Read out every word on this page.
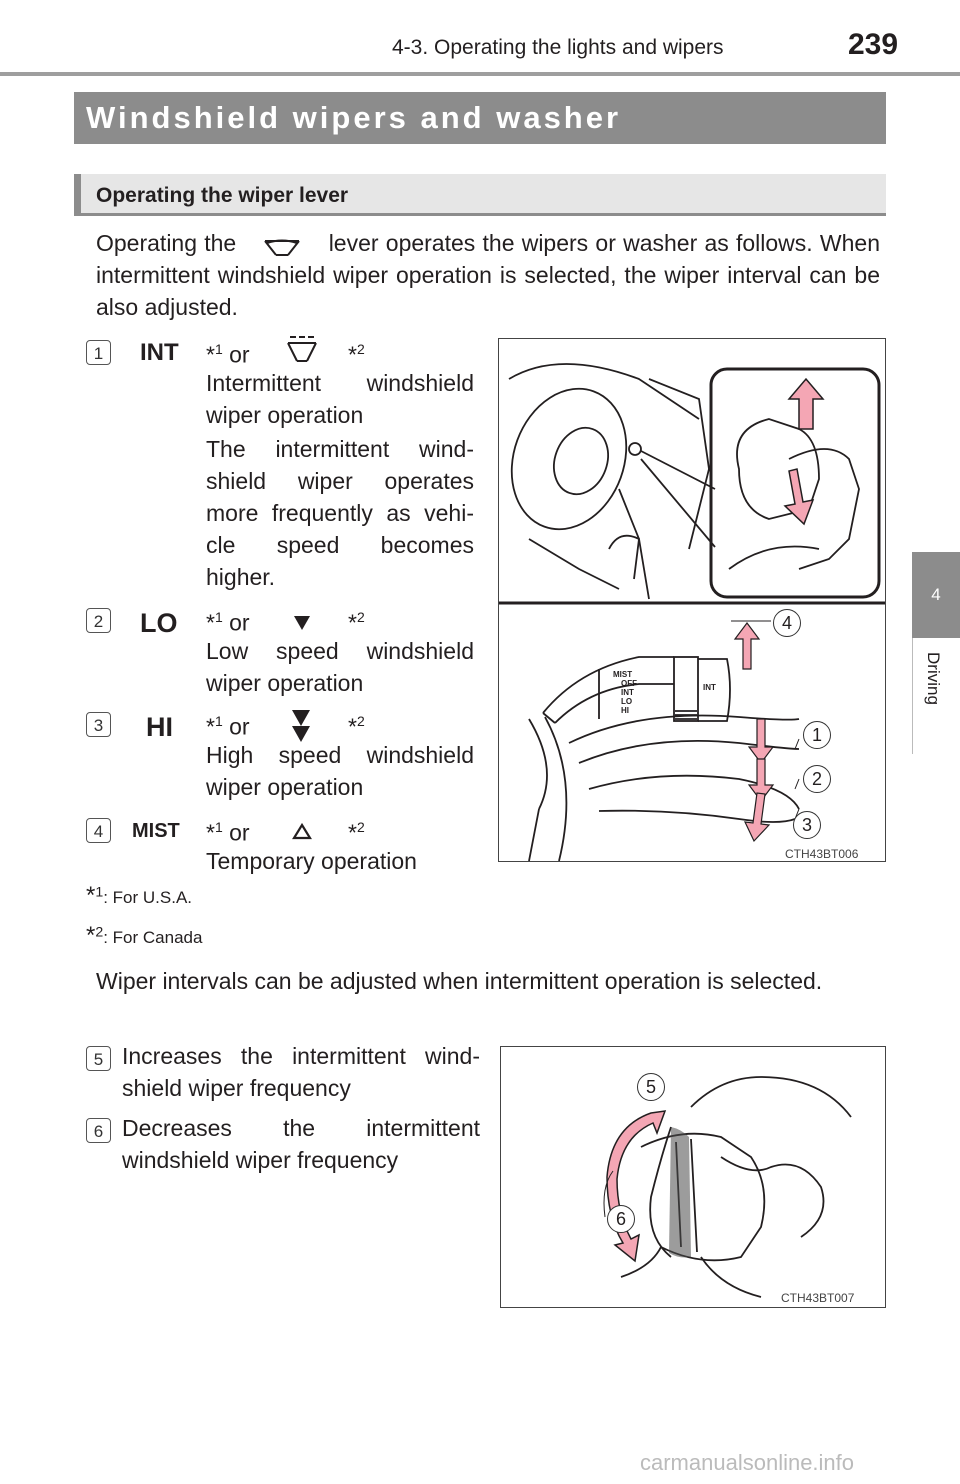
4-3. Operating the lights and wipers	239
4
Driving
Windshield wipers and washer
Operating the wiper lever
Operating the	lever operates the wipers or washer as follows. When intermittent windshield wiper operation is selected, the wiper interval can be also adjusted.
1	INT *$^1$ or	*$^2$
Intermittent windshield wiper operation
The intermittent wind-shield wiper operates more frequently as vehi-cle speed becomes higher.
2 LO *$^1$ or	*$^2$
Low speed windshield wiper operation
3 HI *$^1$ or	*$^2$
High speed windshield wiper operation
4	MIST *$^1$ or	*$^2$
Temporary operation
MIST
OFF
INT
LO
HI
INT
4
1
2
3
CTH43BT006
*$^1$: For U.S.A.
*$^2$: For Canada
Wiper intervals can be adjusted when intermittent operation is selected.
5 Increases the intermittent wind-shield wiper frequency
6 Decreases the intermittent windshield wiper frequency
5
6
CTH43BT007
carmanualsonline.info
